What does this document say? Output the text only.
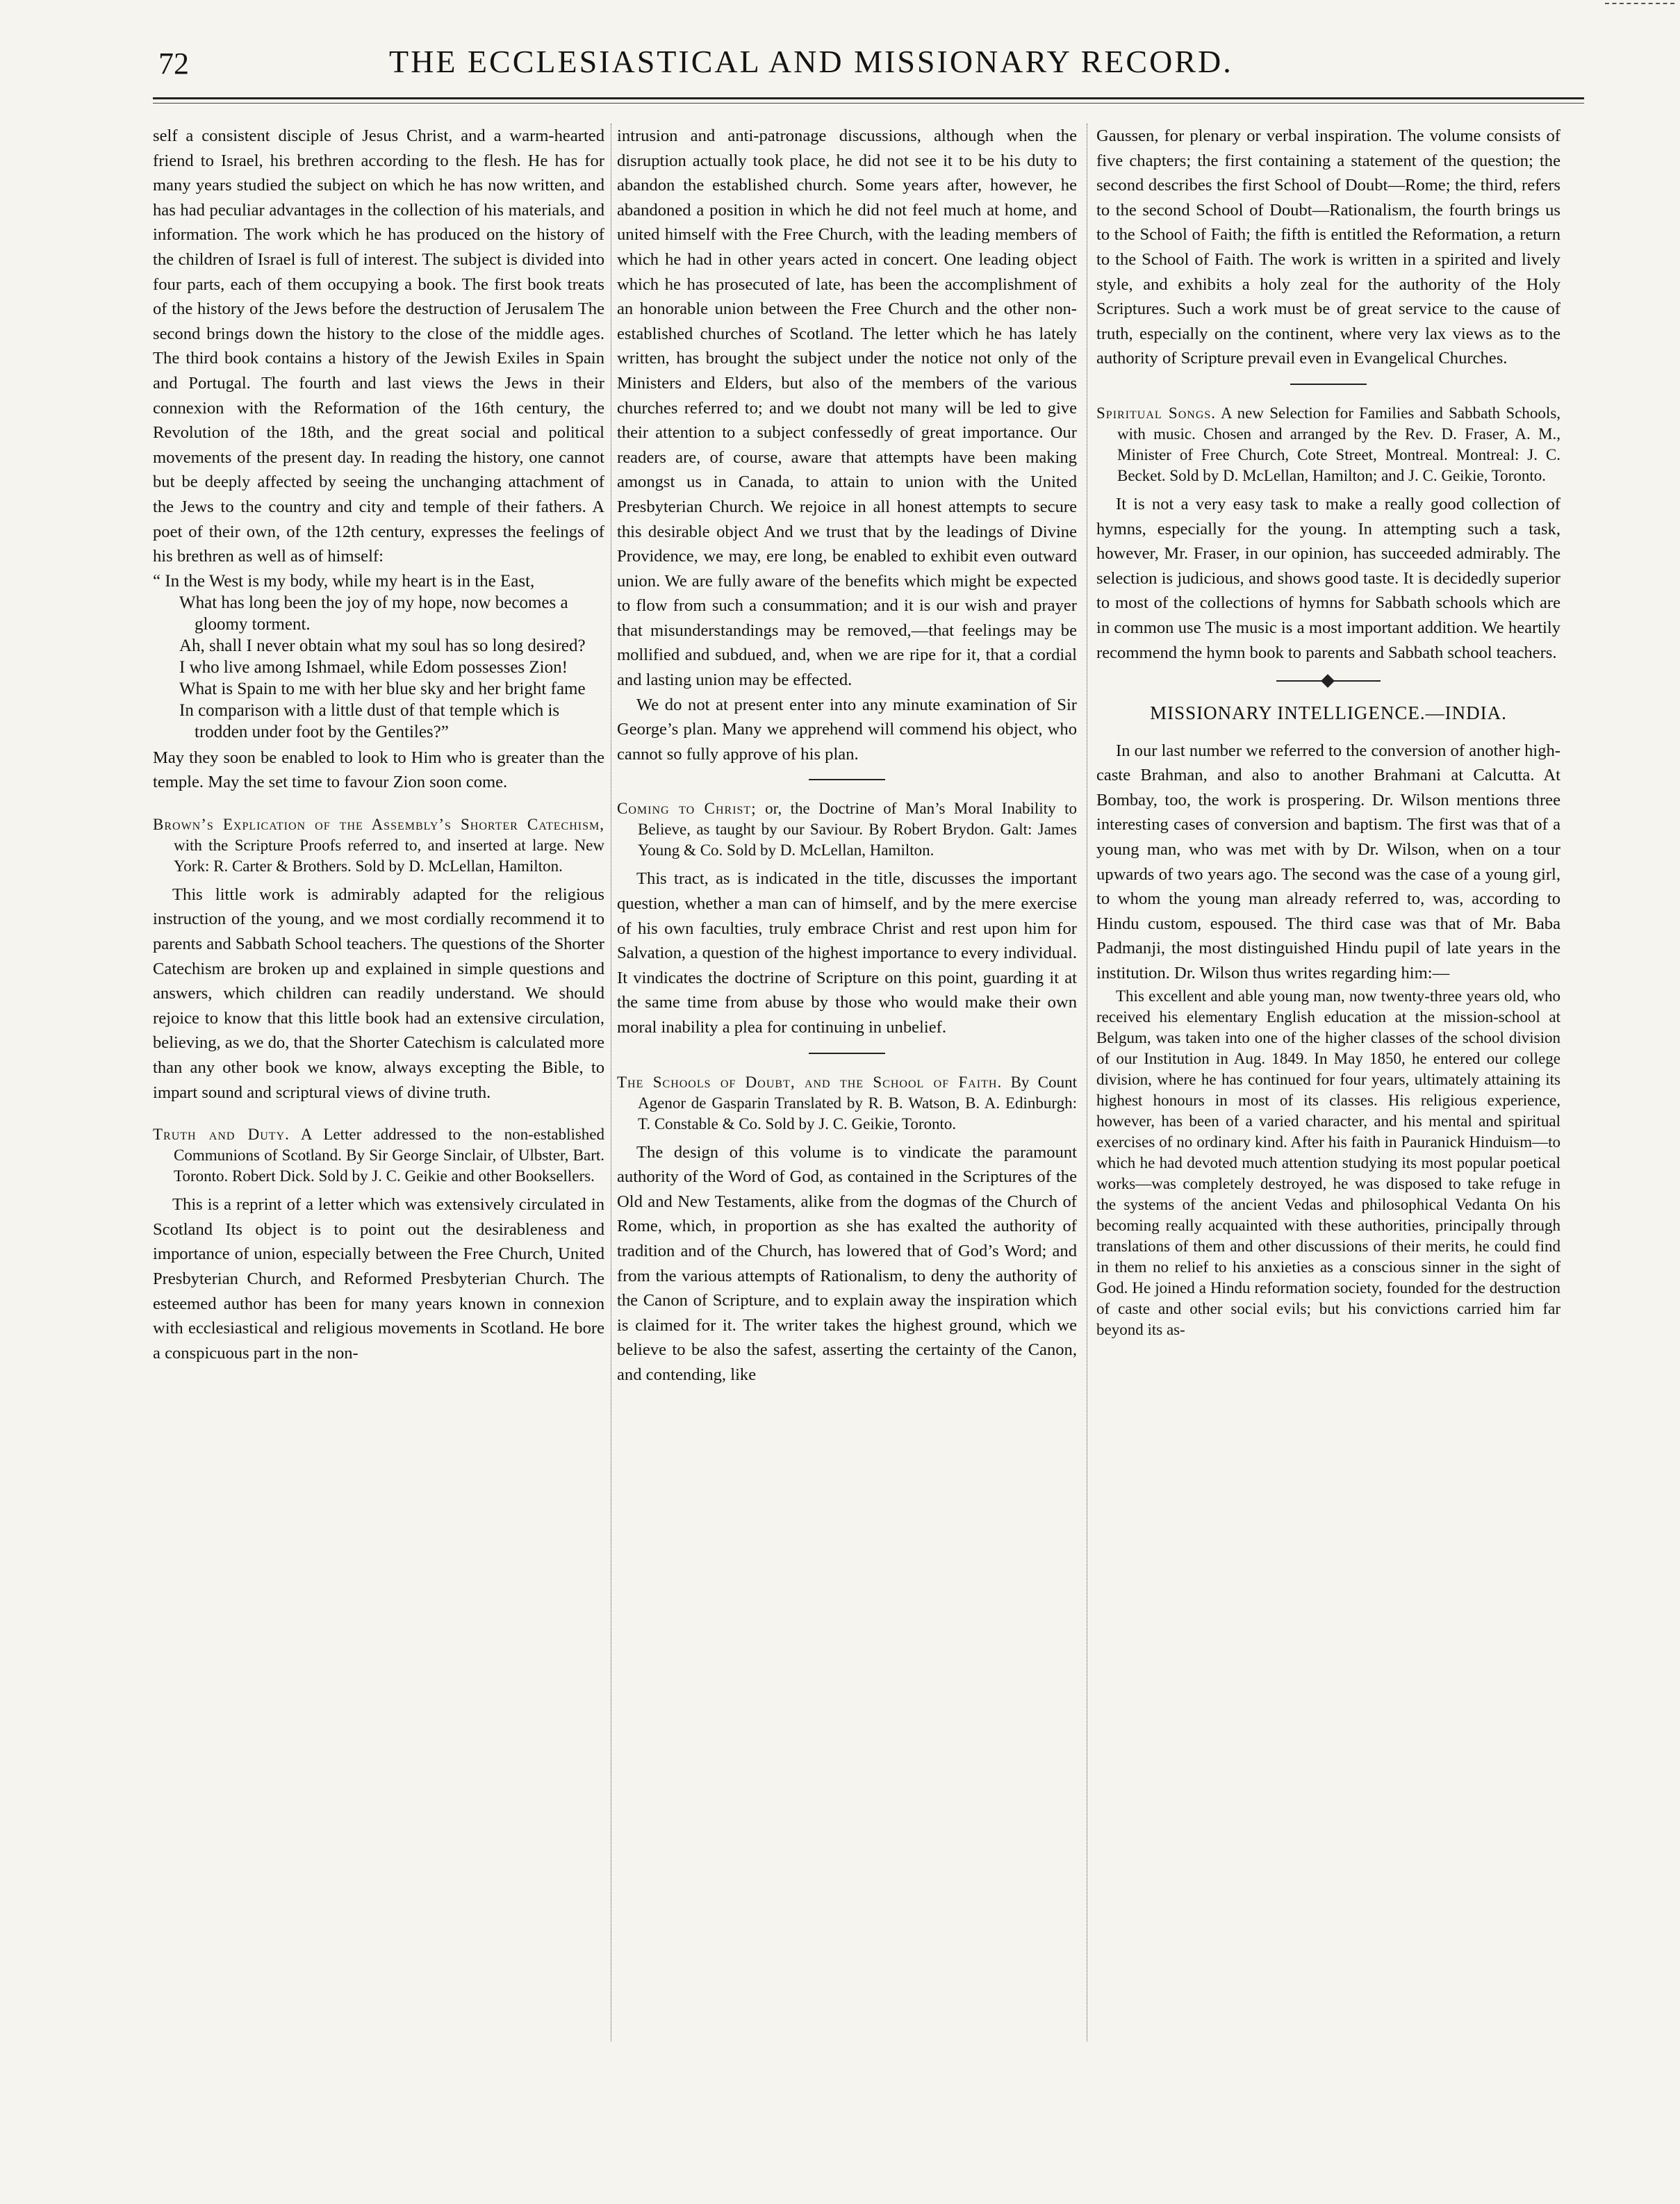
72	THE ECCLESIASTICAL AND MISSIONARY RECORD.

self a consistent disciple of Jesus Christ, and a warm-hearted friend to Israel, his brethren according to the flesh. He has for many years studied the subject on which he has now written, and has had peculiar advantages in the collection of his materials, and information. The work which he has produced on the history of the children of Israel is full of interest. The subject is divided into four parts, each of them occupying a book. The first book treats of the history of the Jews before the destruction of Jerusalem The second brings down the history to the close of the middle ages. The third book contains a history of the Jewish Exiles in Spain and Portugal. The fourth and last views the Jews in their connexion with the Reformation of the 16th century, the Revolution of the 18th, and the great social and political movements of the present day. In reading the history, one cannot but be deeply affected by seeing the unchanging attachment of the Jews to the country and city and temple of their fathers. A poet of their own, of the 12th century, expresses the feelings of his brethren as well as of himself:

“ In the West is my body, while my heart is in the East,
What has long been the joy of my hope, now becomes a gloomy torment.
Ah, shall I never obtain what my soul has so long desired?
I who live among Ishmael, while Edom possesses Zion!
What is Spain to me with her blue sky and her bright fame
In comparison with a little dust of that temple which is trodden under foot by the Gentiles?”

May they soon be enabled to look to Him who is greater than the temple. May the set time to favour Zion soon come.

Brown’s Explication of the Assembly’s Shorter Catechism, with the Scripture Proofs referred to, and inserted at large. New York: R. Carter & Brothers. Sold by D. McLellan, Hamilton.

This little work is admirably adapted for the religious instruction of the young, and we most cordially recommend it to parents and Sabbath School teachers. The questions of the Shorter Catechism are broken up and explained in simple questions and answers, which children can readily understand. We should rejoice to know that this little book had an extensive circulation, believing, as we do, that the Shorter Catechism is calculated more than any other book we know, always excepting the Bible, to impart sound and scriptural views of divine truth.

Truth and Duty. A Letter addressed to the non-established Communions of Scotland. By Sir George Sinclair, of Ulbster, Bart. Toronto. Robert Dick. Sold by J. C. Geikie and other Booksellers.

This is a reprint of a letter which was extensively circulated in Scotland Its object is to point out the desirableness and importance of union, especially between the Free Church, United Presbyterian Church, and Reformed Presbyterian Church. The esteemed author has been for many years known in connexion with ecclesiastical and religious movements in Scotland. He bore a conspicuous part in the non-

intrusion and anti-patronage discussions, although when the disruption actually took place, he did not see it to be his duty to abandon the established church. Some years after, however, he abandoned a position in which he did not feel much at home, and united himself with the Free Church, with the leading members of which he had in other years acted in concert. One leading object which he has prosecuted of late, has been the accomplishment of an honorable union between the Free Church and the other non-established churches of Scotland. The letter which he has lately written, has brought the subject under the notice not only of the Ministers and Elders, but also of the members of the various churches referred to; and we doubt not many will be led to give their attention to a subject confessedly of great importance. Our readers are, of course, aware that attempts have been making amongst us in Canada, to attain to union with the United Presbyterian Church. We rejoice in all honest attempts to secure this desirable object And we trust that by the leadings of Divine Providence, we may, ere long, be enabled to exhibit even outward union. We are fully aware of the benefits which might be expected to flow from such a consummation; and it is our wish and prayer that misunderstandings may be removed,—that feelings may be mollified and subdued, and, when we are ripe for it, that a cordial and lasting union may be effected.

We do not at present enter into any minute examination of Sir George’s plan. Many we apprehend will commend his object, who cannot so fully approve of his plan.

Coming to Christ; or, the Doctrine of Man’s Moral Inability to Believe, as taught by our Saviour. By Robert Brydon. Galt: James Young & Co. Sold by D. McLellan, Hamilton.

This tract, as is indicated in the title, discusses the important question, whether a man can of himself, and by the mere exercise of his own faculties, truly embrace Christ and rest upon him for Salvation, a question of the highest importance to every individual. It vindicates the doctrine of Scripture on this point, guarding it at the same time from abuse by those who would make their own moral inability a plea for continuing in unbelief.

The Schools of Doubt, and the School of Faith. By Count Agenor de Gasparin Translated by R. B. Watson, B. A. Edinburgh: T. Constable & Co. Sold by J. C. Geikie, Toronto.

The design of this volume is to vindicate the paramount authority of the Word of God, as contained in the Scriptures of the Old and New Testaments, alike from the dogmas of the Church of Rome, which, in proportion as she has exalted the authority of tradition and of the Church, has lowered that of God’s Word; and from the various attempts of Rationalism, to deny the authority of the Canon of Scripture, and to explain away the inspiration which is claimed for it. The writer takes the highest ground, which we believe to be also the safest, asserting the certainty of the Canon, and contending, like

Gaussen, for plenary or verbal inspiration. The volume consists of five chapters; the first containing a statement of the question; the second describes the first School of Doubt—Rome; the third, refers to the second School of Doubt—Rationalism, the fourth brings us to the School of Faith; the fifth is entitled the Reformation, a return to the School of Faith. The work is written in a spirited and lively style, and exhibits a holy zeal for the authority of the Holy Scriptures. Such a work must be of great service to the cause of truth, especially on the continent, where very lax views as to the authority of Scripture prevail even in Evangelical Churches.

Spiritual Songs. A new Selection for Families and Sabbath Schools, with music. Chosen and arranged by the Rev. D. Fraser, A. M., Minister of Free Church, Cote Street, Montreal. Montreal: J. C. Becket. Sold by D. McLellan, Hamilton; and J. C. Geikie, Toronto.

It is not a very easy task to make a really good collection of hymns, especially for the young. In attempting such a task, however, Mr. Fraser, in our opinion, has succeeded admirably. The selection is judicious, and shows good taste. It is decidedly superior to most of the collections of hymns for Sabbath schools which are in common use The music is a most important addition. We heartily recommend the hymn book to parents and Sabbath school teachers.

MISSIONARY INTELLIGENCE.—INDIA.

In our last number we referred to the conversion of another high-caste Brahman, and also to another Brahmani at Calcutta. At Bombay, too, the work is prospering. Dr. Wilson mentions three interesting cases of conversion and baptism. The first was that of a young man, who was met with by Dr. Wilson, when on a tour upwards of two years ago. The second was the case of a young girl, to whom the young man already referred to, was, according to Hindu custom, espoused. The third case was that of Mr. Baba Padmanji, the most distinguished Hindu pupil of late years in the institution. Dr. Wilson thus writes regarding him:—

This excellent and able young man, now twenty-three years old, who received his elementary English education at the mission-school at Belgum, was taken into one of the higher classes of the school division of our Institution in Aug. 1849. In May 1850, he entered our college division, where he has continued for four years, ultimately attaining its highest honours in most of its classes. His religious experience, however, has been of a varied character, and his mental and spiritual exercises of no ordinary kind. After his faith in Pauranick Hinduism—to which he had devoted much attention studying its most popular poetical works—was completely destroyed, he was disposed to take refuge in the systems of the ancient Vedas and philosophical Vedanta On his becoming really acquainted with these authorities, principally through translations of them and other discussions of their merits, he could find in them no relief to his anxieties as a conscious sinner in the sight of God. He joined a Hindu reformation society, founded for the destruction of caste and other social evils; but his convictions carried him far beyond its as-
